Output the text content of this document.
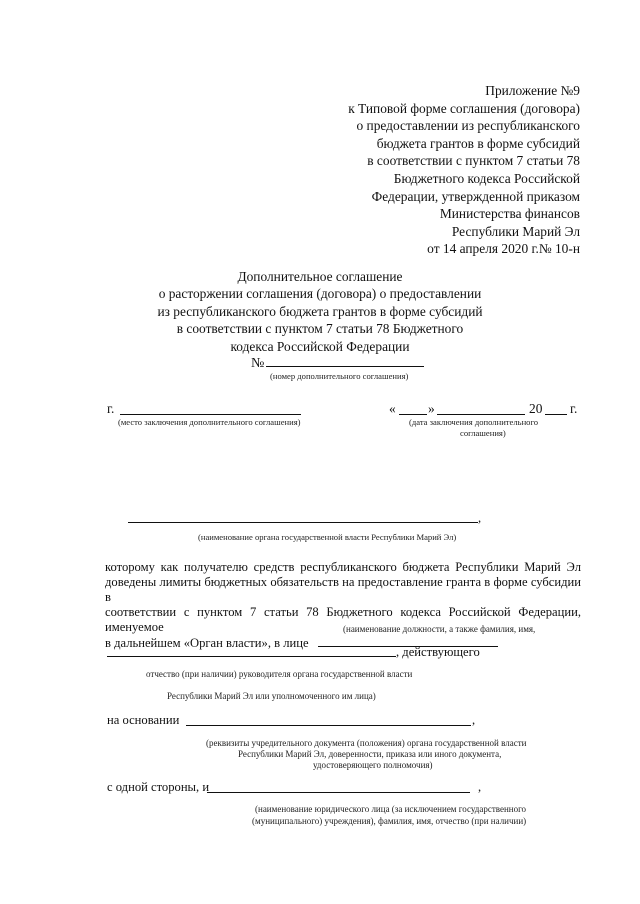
Приложение №9
к Типовой форме соглашения (договора)
о предоставлении из республиканского
бюджета грантов в форме субсидий
в соответствии с пунктом 7 статьи 78
Бюджетного кодекса Российской
Федерации, утвержденной приказом
Министерства финансов
Республики Марий Эл
от 14 апреля 2020 г.№ 10-н
Дополнительное соглашение
о расторжении соглашения (договора) о предоставлении
из республиканского бюджета грантов в форме субсидий
в соответствии с пунктом 7 статьи 78 Бюджетного
кодекса Российской Федерации
№
(номер дополнительного соглашения)
г.
(место заключения дополнительного соглашения)
« »	20 г.
(дата заключения дополнительного
соглашения)
,
(наименование органа государственной власти Республики Марий Эл)
которому как получателю средств республиканского бюджета Республики Марий Эл
доведены лимиты бюджетных обязательств на предоставление гранта в форме субсидии в
соответствии с пунктом 7 статьи 78 Бюджетного кодекса Российской Федерации, именуемое
в дальнейшем «Орган власти», в лице
(наименование должности, а также фамилия, имя,
, действующего
отчество (при наличии) руководителя органа государственной власти
Республики Марий Эл или уполномоченного им лица)
на основании	,
(реквизиты учредительного документа (положения) органа государственной власти
Республики Марий Эл, доверенности, приказа или иного документа,
удостоверяющего полномочия)
с одной стороны, и	,
(наименование юридического лица (за исключением государственного
(муниципального) учреждения), фамилия, имя, отчество (при наличии)
